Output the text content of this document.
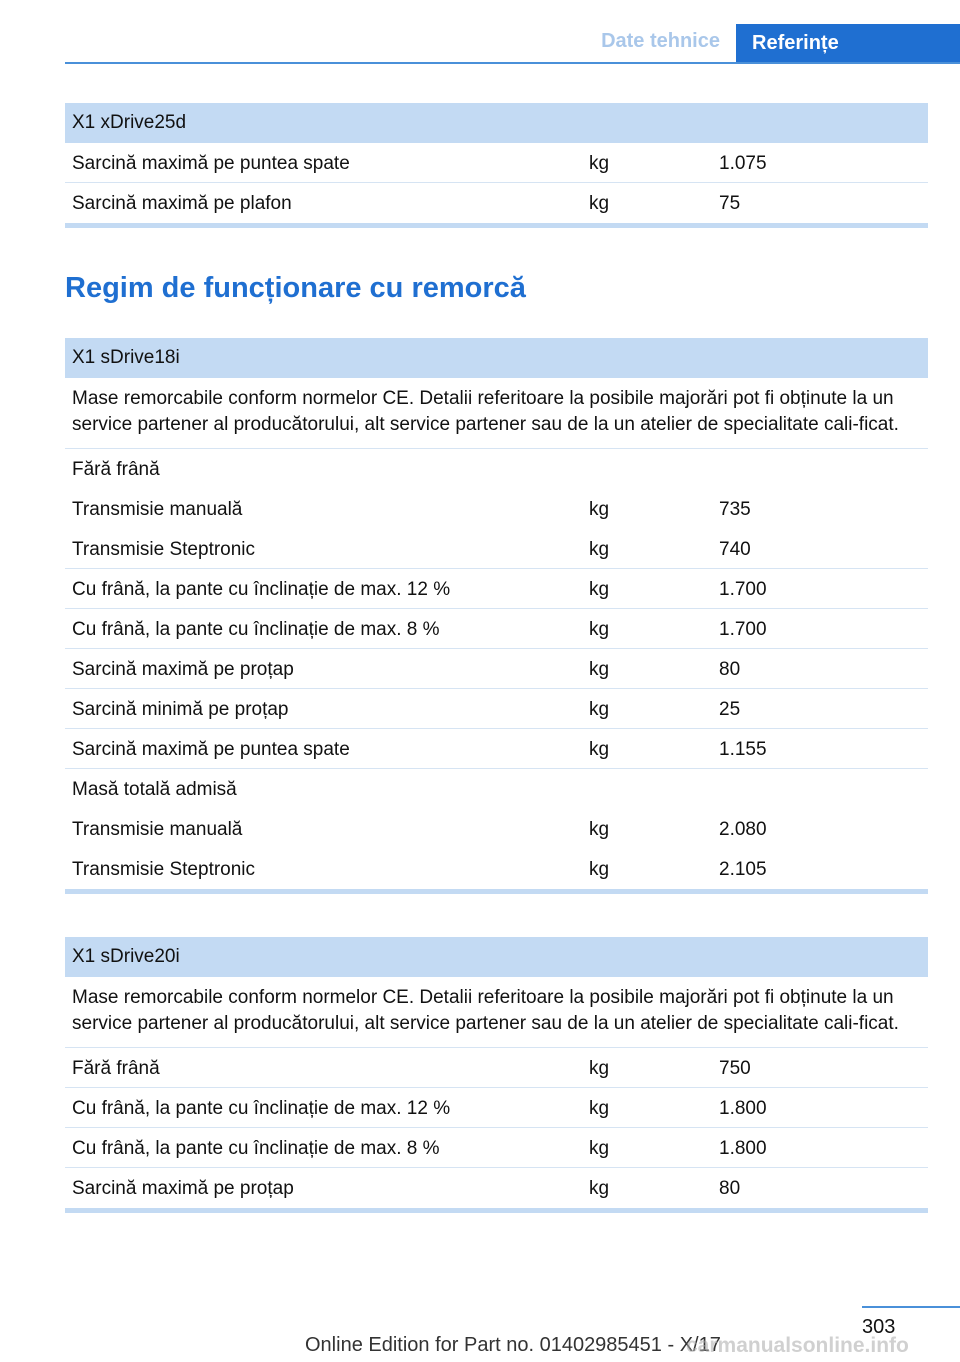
Date tehnice	Referințe
X1 xDrive25d
Sarcină maximă pe puntea spate	kg	1.075
Sarcină maximă pe plafon	kg	75
Regim de funcționare cu remorcă
X1 sDrive18i
Mase remorcabile conform normelor CE. Detalii referitoare la posibile majorări pot fi obținute la un service partener al producătorului, alt service partener sau de la un atelier de specialitate cali-ficat.
Fără frână
Transmisie manuală	kg	735
Transmisie Steptronic	kg	740
Cu frână, la pante cu înclinație de max. 12 %	kg	1.700
Cu frână, la pante cu înclinație de max. 8 %	kg	1.700
Sarcină maximă pe proțap	kg	80
Sarcină minimă pe proțap	kg	25
Sarcină maximă pe puntea spate	kg	1.155
Masă totală admisă
Transmisie manuală	kg	2.080
Transmisie Steptronic	kg	2.105
X1 sDrive20i
Mase remorcabile conform normelor CE. Detalii referitoare la posibile majorări pot fi obținute la un service partener al producătorului, alt service partener sau de la un atelier de specialitate cali-ficat.
Fără frână	kg	750
Cu frână, la pante cu înclinație de max. 12 %	kg	1.800
Cu frână, la pante cu înclinație de max. 8 %	kg	1.800
Sarcină maximă pe proțap	kg	80
303
Online Edition for Part no. 01402985451 - X/17
carmanualsonline.info
